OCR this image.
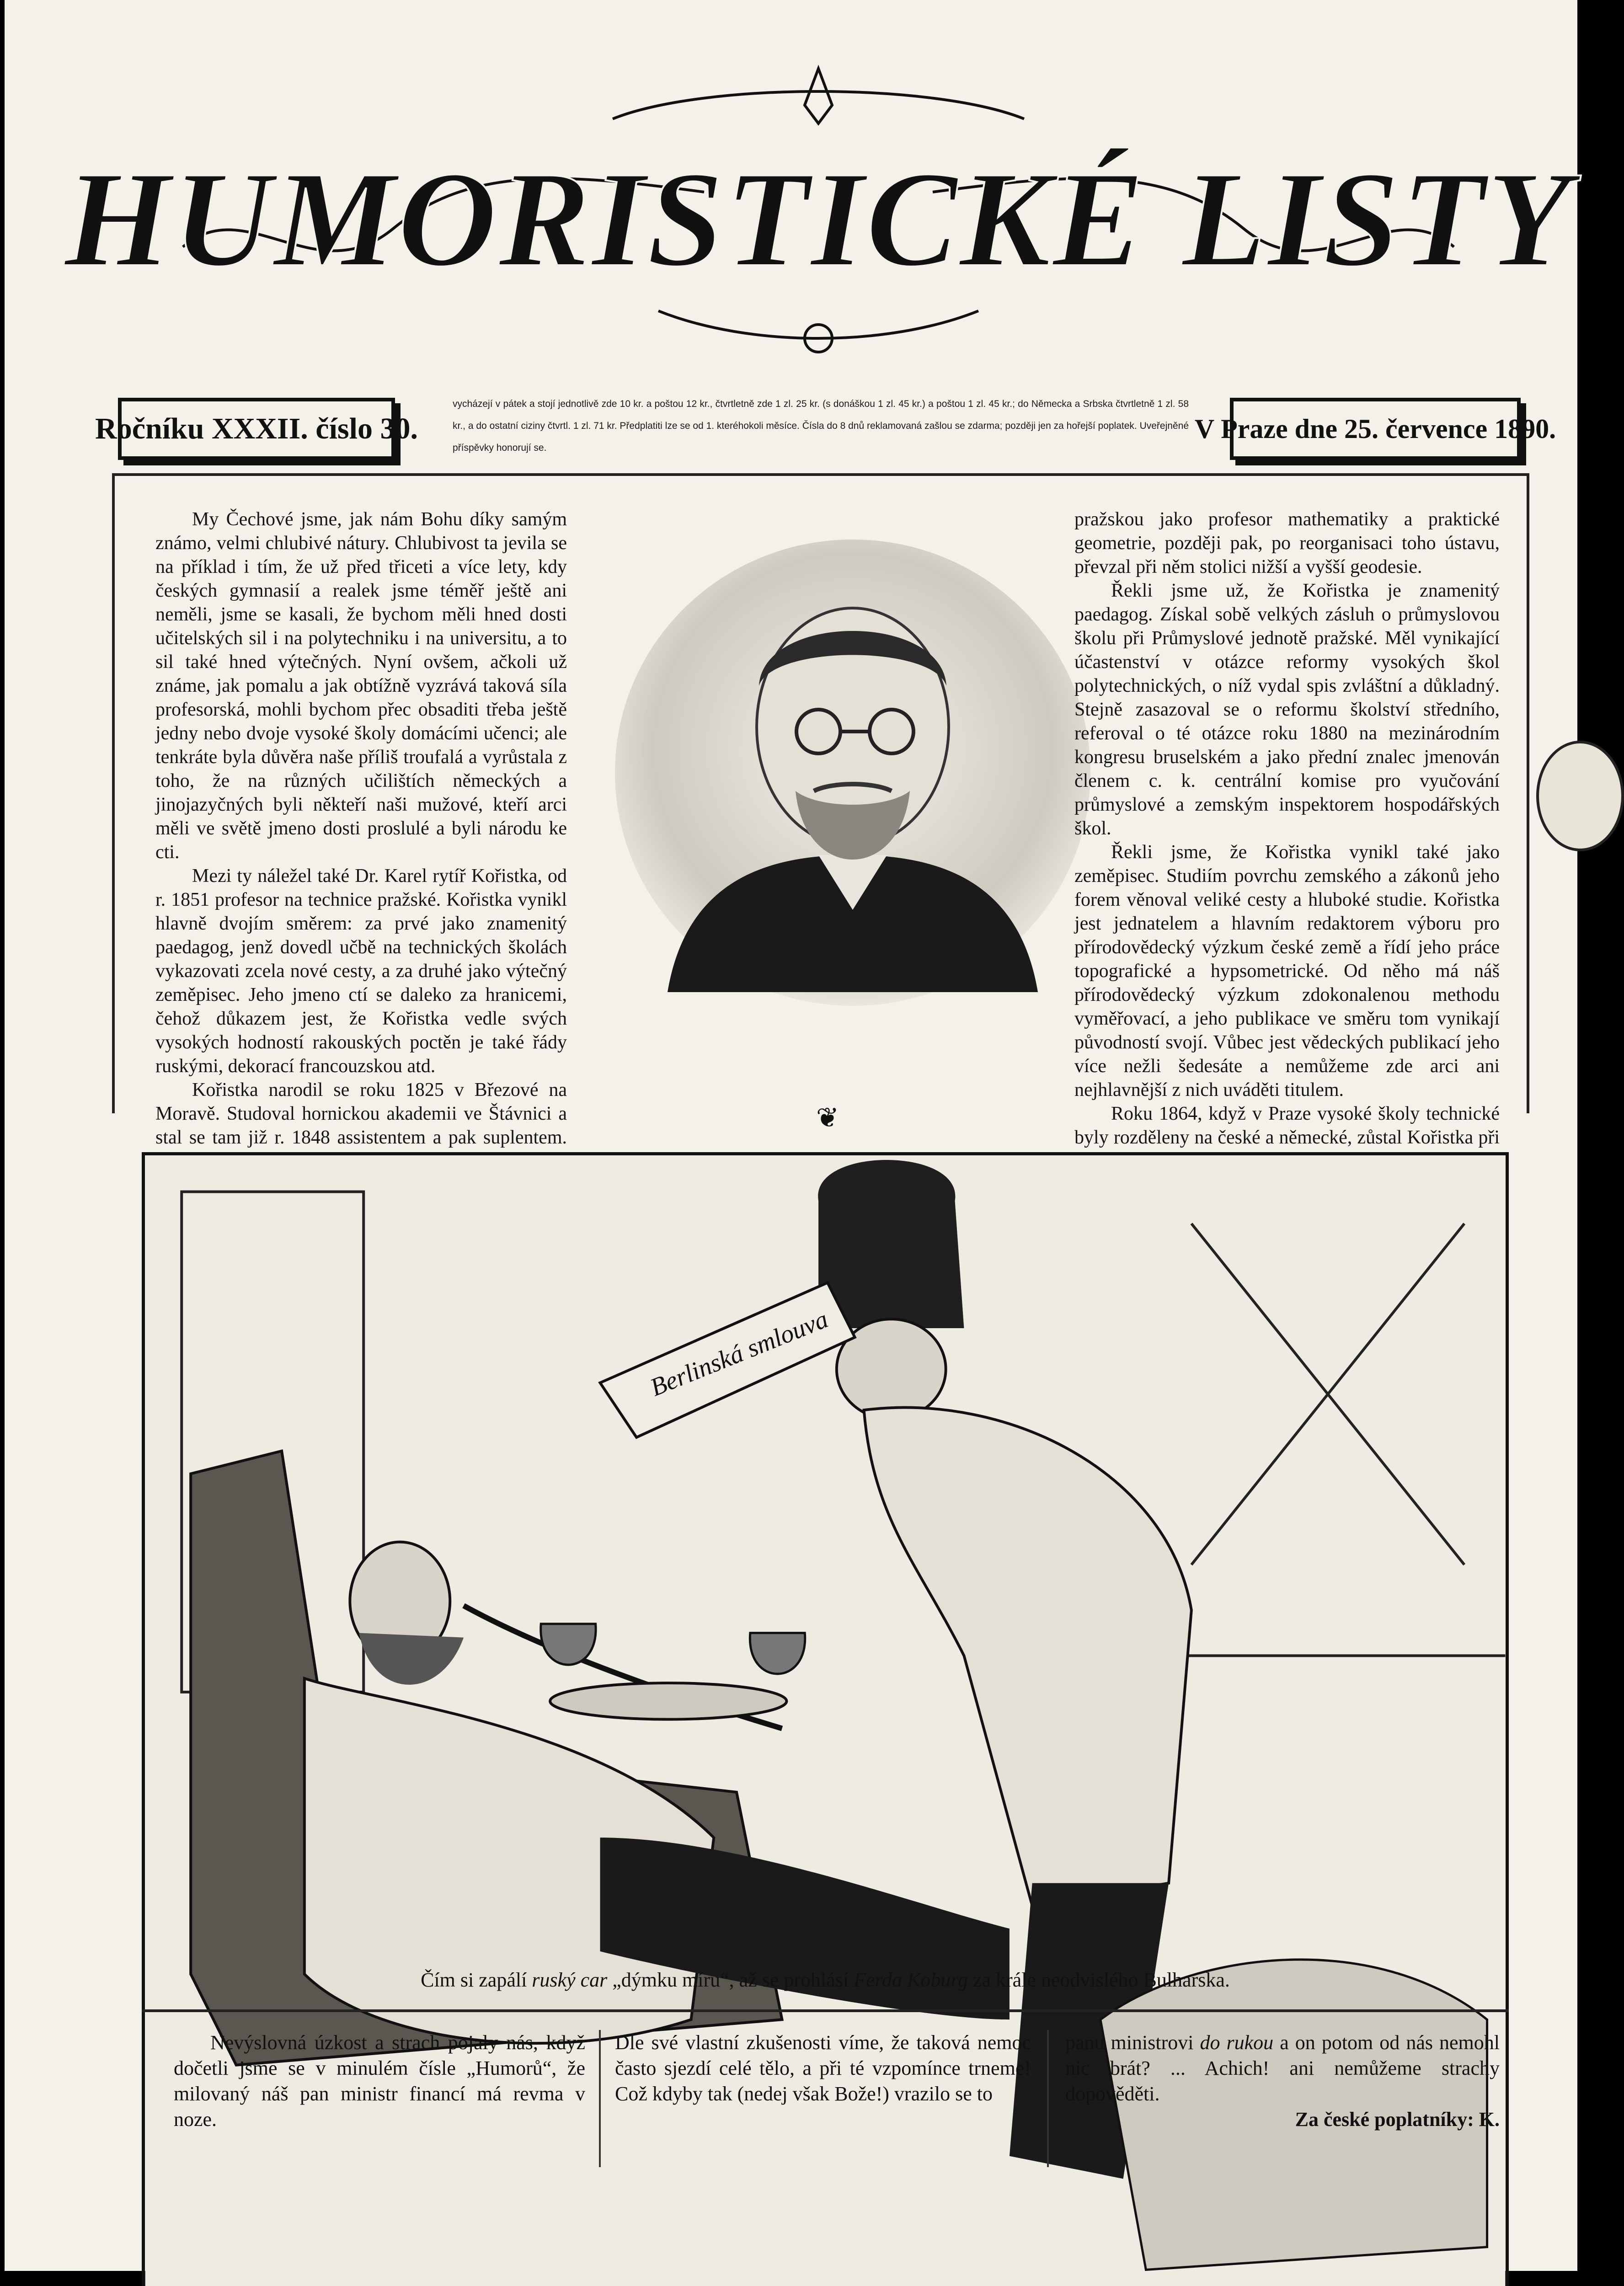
HUMORISTICKÉ LISTY
Ročníku XXXII. číslo 30.
vycházejí v pátek a stojí jednotlivě zde 10 kr. a poštou 12 kr., čtvrtletně zde 1 zl. 25 kr. (s donáškou 1 zl. 45 kr.) a poštou 1 zl. 45 kr.; do Německa a Srbska čtvrtletně 1 zl. 58 kr., a do ostatní ciziny čtvrtl. 1 zl. 71 kr. Předplatiti lze se od 1. kteréhokoli měsíce. Čísla do 8 dnů reklamovaná zašlou se zdarma; později jen za hořejší poplatek. Uveřejněné příspěvky honorují se.
V Praze dne 25. července 1890.

My Čechové jsme, jak nám Bohu díky samým známo, velmi chlubivé nátury. Chlubivost ta jevila se na příklad i tím, že už před třiceti a více lety, kdy českých gymnasií a realek jsme téměř ještě ani neměli, jsme se kasali, že bychom měli hned dosti učitelských sil i na polytechniku i na universitu, a to sil také hned výtečných. Nyní ovšem, ačkoli už známe, jak pomalu a jak obtížně vyzrává taková síla profesorská, mohli bychom přec obsaditi třeba ještě jedny nebo dvoje vysoké školy domácími učenci; ale tenkráte byla důvěra naše příliš troufalá a vyrůstala z toho, že na různých učilištích německých a jinojazyčných byli někteří naši mužové, kteří arci měli ve světě jmeno dosti proslulé a byli národu ke cti.

Mezi ty náležel také Dr. Karel rytíř Kořistka, od r. 1851 profesor na technice pražské. Kořistka vynikl hlavně dvojím směrem: za prvé jako znamenitý paedagog, jenž dovedl učbě na technických školách vykazovati zcela nové cesty, a za druhé jako výtečný zeměpisec. Jeho jmeno ctí se daleko za hranicemi, čehož důkazem jest, že Kořistka vedle svých vysokých hodností rakouských poctěn je také řády ruskými, dekorací francouzskou atd.

Kořistka narodil se roku 1825 v Březové na Moravě. Studoval hornickou akademii ve Štávnici a stal se tam již r. 1848 assistentem a pak suplentem.

pražskou jako profesor mathematiky a praktické geometrie, později pak, po reorganisaci toho ústavu, převzal při něm stolici nižší a vyšší geodesie.

Řekli jsme už, že Kořistka je znamenitý paedagog. Získal sobě velkých zásluh o průmyslovou školu při Průmyslové jednotě pražské. Měl vynikající účastenství v otázce reformy vysokých škol polytechnických, o níž vydal spis zvláštní a důkladný. Stejně zasazoval se o reformu školství středního, referoval o té otázce roku 1880 na mezinárodním kongresu bruselském a jako přední znalec jmenován členem c. k. centrální komise pro vyučování průmyslové a zemským inspektorem hospodářských škol.

Řekli jsme, že Kořistka vynikl také jako zeměpisec. Studiím povrchu zemského a zákonů jeho forem věnoval veliké cesty a hluboké studie. Kořistka jest jednatelem a hlavním redaktorem výboru pro přírodovědecký výzkum české země a řídí jeho práce topografické a hypsometrické. Od něho má náš přírodovědecký výzkum zdokonalenou methodu vyměřovací, a jeho publikace ve směru tom vynikají původností svojí. Vůbec jest vědeckých publikací jeho více nežli šedesáte a nemůžeme zde arci ani nejhlavnější z nich uváděti titulem.

Roku 1864, když v Praze vysoké školy technické byly rozděleny na české a německé, zůstal Kořistka při

❦
Berlinská smlouva
Čím si zapálí ruský car „dýmku míru“, až se prohlásí Ferda Koburg za krále neodvislého Bulharska.
Nevýslovná úzkost a strach pojaly nás, když dočetli jsme se v minulém čísle „Humorů“, že milovaný náš pan ministr financí má revma v noze.
Dle své vlastní zkušenosti víme, že taková nemoc často sjezdí celé tělo, a při té vzpomínce trneme! Což kdyby tak (nedej však Bože!) vrazilo se to
panu ministrovi do rukou a on potom od nás nemohl nic brát? ... Achich! ani nemůžeme strachy dopověděti.
Za české poplatníky: K.
